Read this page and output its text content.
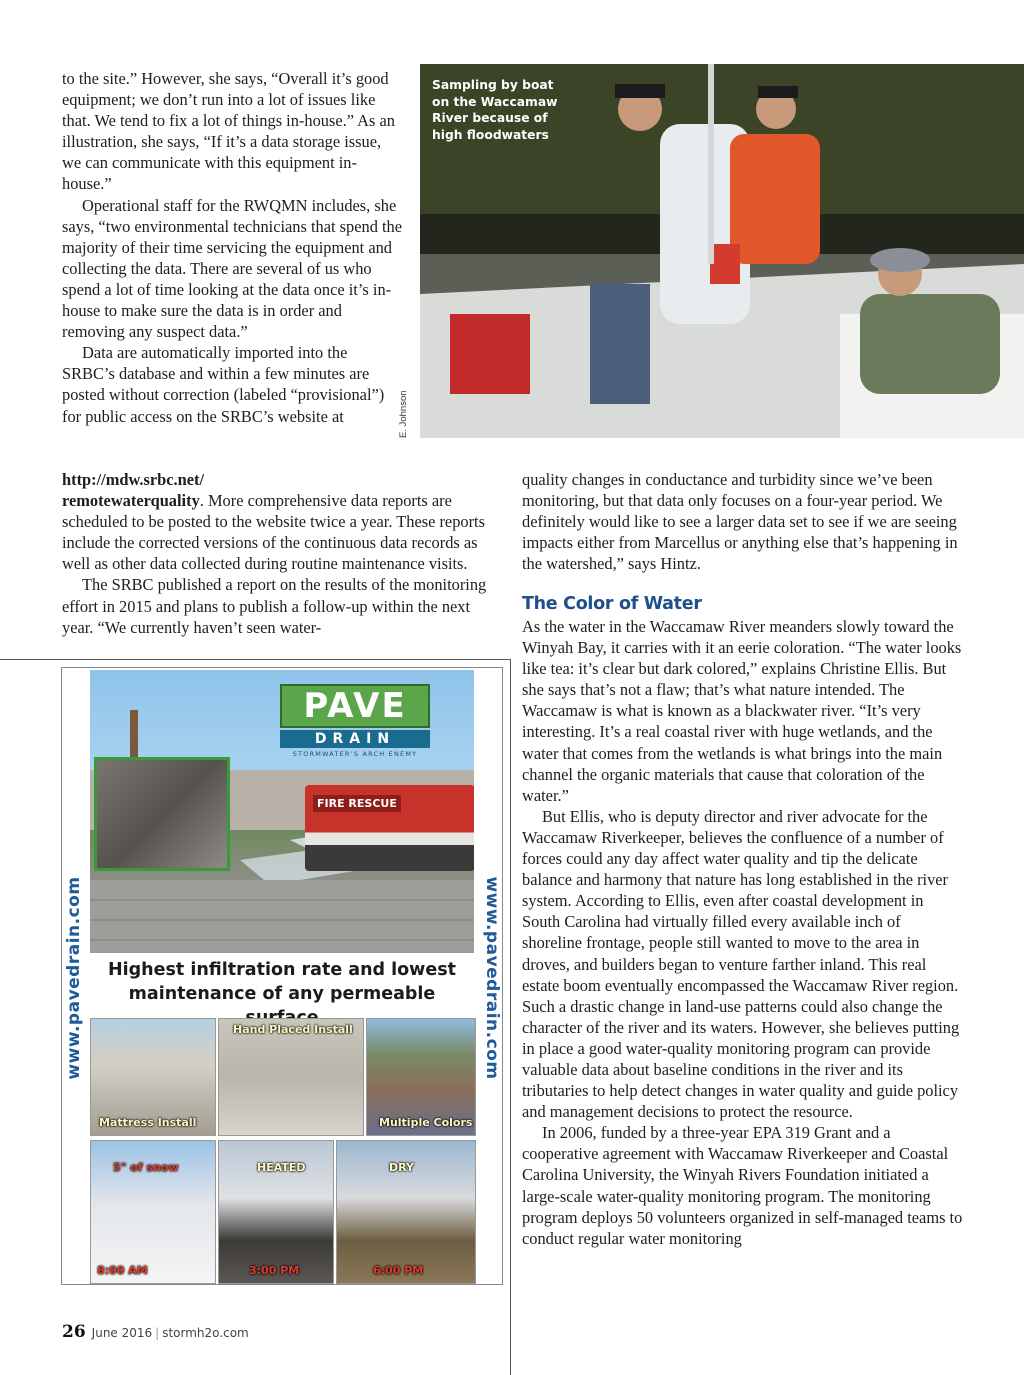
to the site.” However, she says, “Overall it’s good equipment; we don’t run into a lot of issues like that. We tend to fix a lot of things in-house.” As an illustration, she says, “If it’s a data storage issue, we can communicate with this equipment in-house.”

Operational staff for the RWQMN includes, she says, “two environmental technicians that spend the majority of their time servicing the equipment and collecting the data. There are several of us who spend a lot of time looking at the data once it’s in-house to make sure the data is in order and removing any suspect data.”

Data are automatically imported into the SRBC’s database and within a few minutes are posted without correction (labeled “provisional”) for public access on the SRBC’s website at

Sampling by boat on the Waccamaw River because of high floodwaters

E. Johnson

http://mdw.srbc.net/
remotewaterquality. More comprehensive data reports are scheduled to be posted to the website twice a year. These reports include the corrected versions of the continuous data records as well as other data collected during routine maintenance visits.

The SRBC published a report on the results of the monitoring effort in 2015 and plans to publish a follow-up within the next year. “We currently haven’t seen water-

quality changes in conductance and turbidity since we’ve been monitoring, but that data only focuses on a four-year period. We definitely would like to see a larger data set to see if we are seeing impacts either from Marcellus or anything else that’s happening in the watershed,” says Hintz.

The Color of Water

As the water in the Waccamaw River meanders slowly toward the Winyah Bay, it carries with it an eerie coloration. “The water looks like tea: it’s clear but dark colored,” explains Christine Ellis. But she says that’s not a flaw; that’s what nature intended. The Waccamaw is what is known as a blackwater river. “It’s very interesting. It’s a real coastal river with huge wetlands, and the water that comes from the wetlands is what brings into the main channel the organic materials that cause that coloration of the water.”

But Ellis, who is deputy director and river advocate for the Waccamaw Riverkeeper, believes the confluence of a number of forces could any day affect water quality and tip the delicate balance and harmony that nature has long established in the river system. According to Ellis, even after coastal development in South Carolina had virtually filled every available inch of shoreline frontage, people still wanted to move to the area in droves, and builders began to venture farther inland. This real estate boom eventually encompassed the Waccamaw River region. Such a drastic change in land-use patterns could also change the character of the river and its waters. However, she believes putting in place a good water-quality monitoring program can provide valuable data about baseline conditions in the river and its tributaries to help detect changes in water quality and guide policy and management decisions to protect the resource.

In 2006, funded by a three-year EPA 319 Grant and a cooperative agreement with Waccamaw Riverkeeper and Coastal Carolina University, the Winyah Rivers Foundation initiated a large-scale water-quality monitoring program. The monitoring program deploys 50 volunteers organized in self-managed teams to conduct regular water monitoring

www.pavedrain.com	www.pavedrain.com
FIRE RESCUE
PAVE
DRAIN
STORMWATER’S ARCH ENEMY

Highest infiltration rate and lowest maintenance of any permeable

Mattress Install
Hand Placed Install
Multiple Colors
5" of snow
8:00 AM
HEATED
3:00 PM
DRY
6:00 PM
26 June 2016 | stormh2o.com
